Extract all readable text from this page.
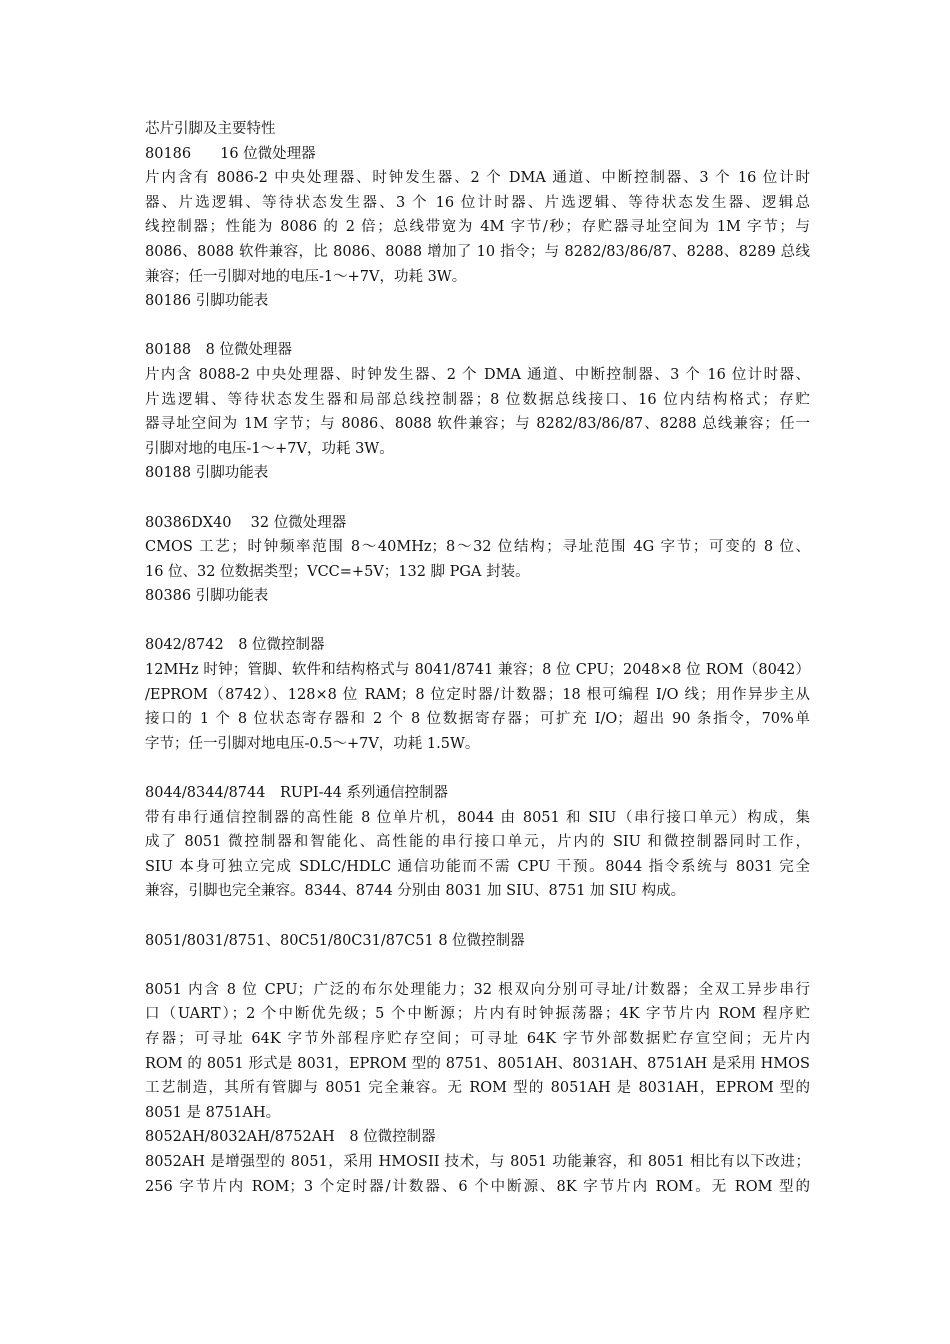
芯片引脚及主要特性
80186　　16 位微处理器
片内含有 8086-2 中央处理器、时钟发生器、2 个 DMA 通道、中断控制器、3 个 16 位计时
器、片选逻辑、等待状态发生器、3 个 16 位计时器、片选逻辑、等待状态发生器、逻辑总
线控制器；性能为 8086 的 2 倍；总线带宽为 4M 字节/秒；存贮器寻址空间为 1M 字节；与
8086、8088 软件兼容，比 8086、8088 增加了 10 指令；与 8282/83/86/87、8288、8289 总线
兼容；任一引脚对地的电压-1～+7V，功耗 3W。
80186 引脚功能表
80188　8 位微处理器
片内含 8088-2 中央处理器、时钟发生器、2 个 DMA 通道、中断控制器、3 个 16 位计时器、
片选逻辑、等待状态发生器和局部总线控制器；8 位数据总线接口、16 位内结构格式；存贮
器寻址空间为 1M 字节；与 8086、8088 软件兼容；与 8282/83/86/87、8288 总线兼容；任一
引脚对地的电压-1～+7V，功耗 3W。
80188 引脚功能表
80386DX40　 32 位微处理器
CMOS 工艺；时钟频率范围 8～40MHz；8～32 位结构；寻址范围 4G 字节；可变的 8 位、
16 位、32 位数据类型；VCC=+5V；132 脚 PGA 封装。
80386 引脚功能表
8042/8742　8 位微控制器
12MHz 时钟；管脚、软件和结构格式与 8041/8741 兼容；8 位 CPU；2048×8 位 ROM（8042）
/EPROM（8742）、128×8 位 RAM；8 位定时器/计数器；18 根可编程 I/O 线；用作异步主从
接口的 1 个 8 位状态寄存器和 2 个 8 位数据寄存器；可扩充 I/O；超出 90 条指令，70%单
字节；任一引脚对地电压-0.5～+7V，功耗 1.5W。
8044/8344/8744　RUPI-44 系列通信控制器
带有串行通信控制器的高性能 8 位单片机，8044 由 8051 和 SIU（串行接口单元）构成，集
成了 8051 微控制器和智能化、高性能的串行接口单元，片内的 SIU 和微控制器同时工作，
SIU 本身可独立完成 SDLC/HDLC 通信功能而不需 CPU 干预。8044 指令系统与 8031 完全
兼容，引脚也完全兼容。8344、8744 分别由 8031 加 SIU、8751 加 SIU 构成。
8051/8031/8751、80C51/80C31/87C51 8 位微控制器
8051 内含 8 位 CPU；广泛的布尔处理能力；32 根双向分别可寻址/计数器；全双工异步串行
口（UART）；2 个中断优先级；5 个中断源；片内有时钟振荡器；4K 字节片内 ROM 程序贮
存器；可寻址 64K 字节外部程序贮存空间；可寻址 64K 字节外部数据贮存宣空间；无片内
ROM 的 8051 形式是 8031，EPROM 型的 8751、8051AH、8031AH、8751AH 是采用 HMOS
工艺制造，其所有管脚与 8051 完全兼容。无 ROM 型的 8051AH 是 8031AH，EPROM 型的
8051 是 8751AH。
8052AH/8032AH/8752AH　8 位微控制器
8052AH 是增强型的 8051，采用 HMOSII 技术，与 8051 功能兼容，和 8051 相比有以下改进；
256 字节片内 ROM；3 个定时器/计数器、6 个中断源、8K 字节片内 ROM。无 ROM 型的
